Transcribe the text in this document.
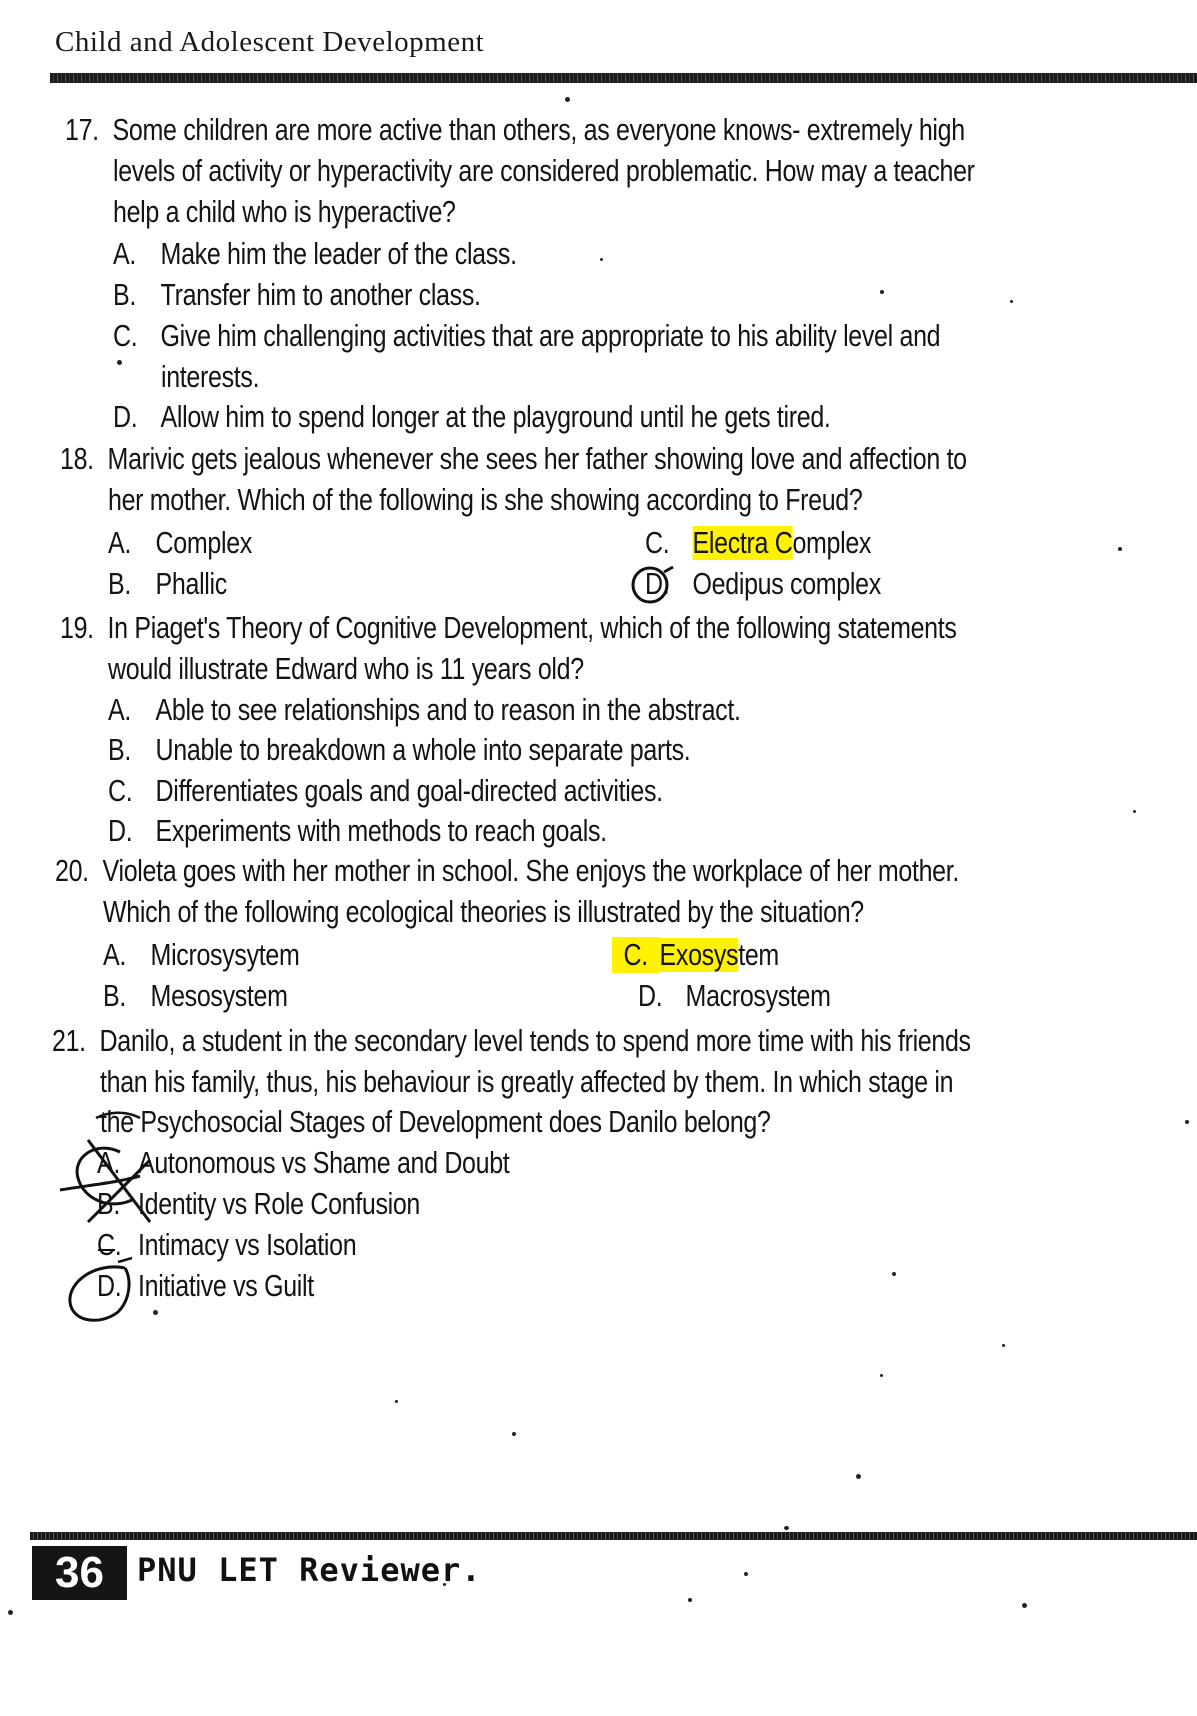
Child and Adolescent Development
17. Some children are more active than others, as everyone knows- extremely high
levels of activity or hyperactivity are considered problematic. How may a teacher
help a child who is hyperactive?
A. Make him the leader of the class.
B. Transfer him to another class.
C. Give him challenging activities that are appropriate to his ability level and
interests.
D. Allow him to spend longer at the playground until he gets tired.
18. Marivic gets jealous whenever she sees her father showing love and affection to
her mother. Which of the following is she showing according to Freud?
A. Complex
B. Phallic
C. Electra Complex
D. Oedipus complex
19. In Piaget's Theory of Cognitive Development, which of the following statements
would illustrate Edward who is 11 years old?
A. Able to see relationships and to reason in the abstract.
B. Unable to breakdown a whole into separate parts.
C. Differentiates goals and goal-directed activities.
D. Experiments with methods to reach goals.
20. Violeta goes with her mother in school. She enjoys the workplace of her mother.
Which of the following ecological theories is illustrated by the situation?
A. Microsysytem
B. Mesosystem
C. Exosystem
D. Macrosystem
21. Danilo, a student in the secondary level tends to spend more time with his friends
than his family, thus, his behaviour is greatly affected by them. In which stage in
the Psychosocial Stages of Development does Danilo belong?
A. Autonomous vs Shame and Doubt
B. Identity vs Role Confusion
C. Intimacy vs Isolation
D. Initiative vs Guilt
36	PNU LET Reviewer.
